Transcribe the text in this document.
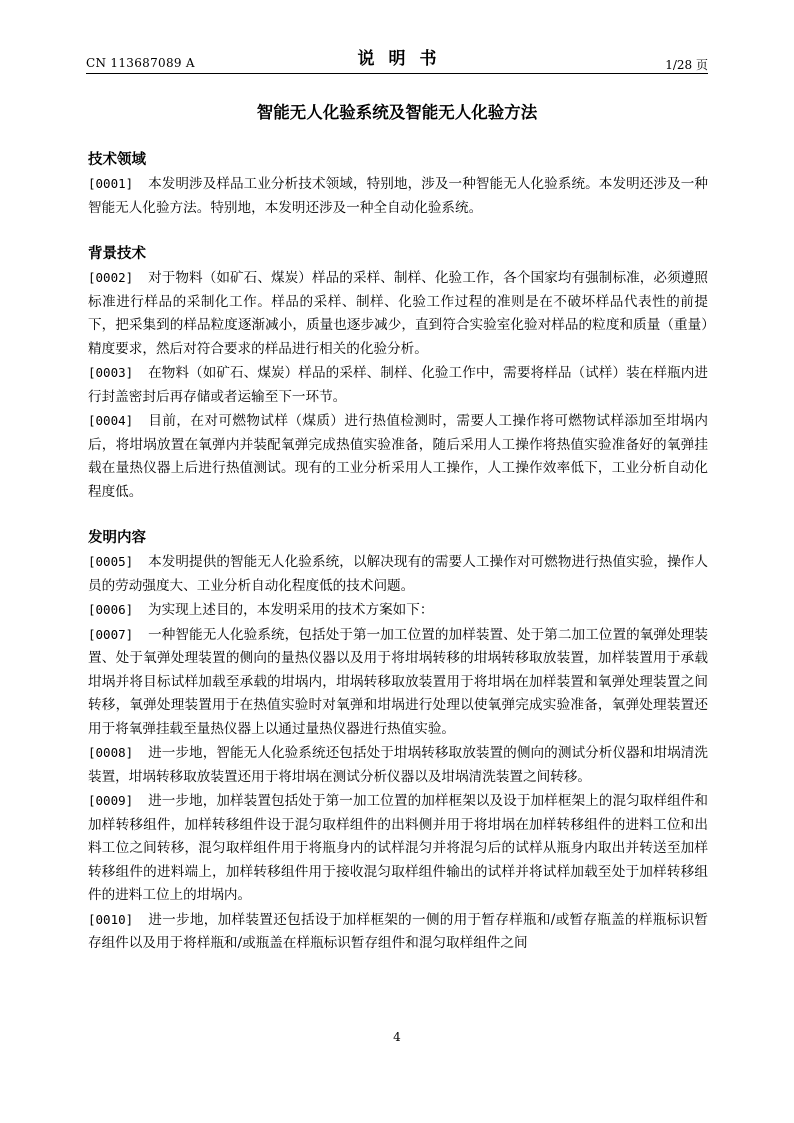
CN 113687089 A	说明书	1/28 页
智能无人化验系统及智能无人化验方法
技术领域
[0001] 本发明涉及样品工业分析技术领域，特别地，涉及一种智能无人化验系统。本发明还涉及一种智能无人化验方法。特别地，本发明还涉及一种全自动化验系统。
背景技术
[0002] 对于物料（如矿石、煤炭）样品的采样、制样、化验工作，各个国家均有强制标准，必须遵照标准进行样品的采制化工作。样品的采样、制样、化验工作过程的准则是在不破坏样品代表性的前提下，把采集到的样品粒度逐渐减小，质量也逐步减少，直到符合实验室化验对样品的粒度和质量（重量）精度要求，然后对符合要求的样品进行相关的化验分析。
[0003] 在物料（如矿石、煤炭）样品的采样、制样、化验工作中，需要将样品（试样）装在样瓶内进行封盖密封后再存储或者运输至下一环节。
[0004] 目前，在对可燃物试样（煤质）进行热值检测时，需要人工操作将可燃物试样添加至坩埚内后，将坩埚放置在氧弹内并装配氧弹完成热值实验准备，随后采用人工操作将热值实验准备好的氧弹挂载在量热仪器上后进行热值测试。现有的工业分析采用人工操作，人工操作效率低下，工业分析自动化程度低。
发明内容
[0005] 本发明提供的智能无人化验系统，以解决现有的需要人工操作对可燃物进行热值实验，操作人员的劳动强度大、工业分析自动化程度低的技术问题。
[0006] 为实现上述目的，本发明采用的技术方案如下：
[0007] 一种智能无人化验系统，包括处于第一加工位置的加样装置、处于第二加工位置的氧弹处理装置、处于氧弹处理装置的侧向的量热仪器以及用于将坩埚转移的坩埚转移取放装置，加样装置用于承载坩埚并将目标试样加载至承载的坩埚内，坩埚转移取放装置用于将坩埚在加样装置和氧弹处理装置之间转移，氧弹处理装置用于在热值实验时对氧弹和坩埚进行处理以使氧弹完成实验准备，氧弹处理装置还用于将氧弹挂载至量热仪器上以通过量热仪器进行热值实验。
[0008] 进一步地，智能无人化验系统还包括处于坩埚转移取放装置的侧向的测试分析仪器和坩埚清洗装置，坩埚转移取放装置还用于将坩埚在测试分析仪器以及坩埚清洗装置之间转移。
[0009] 进一步地，加样装置包括处于第一加工位置的加样框架以及设于加样框架上的混匀取样组件和加样转移组件，加样转移组件设于混匀取样组件的出料侧并用于将坩埚在加样转移组件的进料工位和出料工位之间转移，混匀取样组件用于将瓶身内的试样混匀并将混匀后的试样从瓶身内取出并转送至加样转移组件的进料端上，加样转移组件用于接收混匀取样组件输出的试样并将试样加载至处于加样转移组件的进料工位上的坩埚内。
[0010] 进一步地，加样装置还包括设于加样框架的一侧的用于暂存样瓶和/或暂存瓶盖的样瓶标识暂存组件以及用于将样瓶和/或瓶盖在样瓶标识暂存组件和混匀取样组件之间
4
